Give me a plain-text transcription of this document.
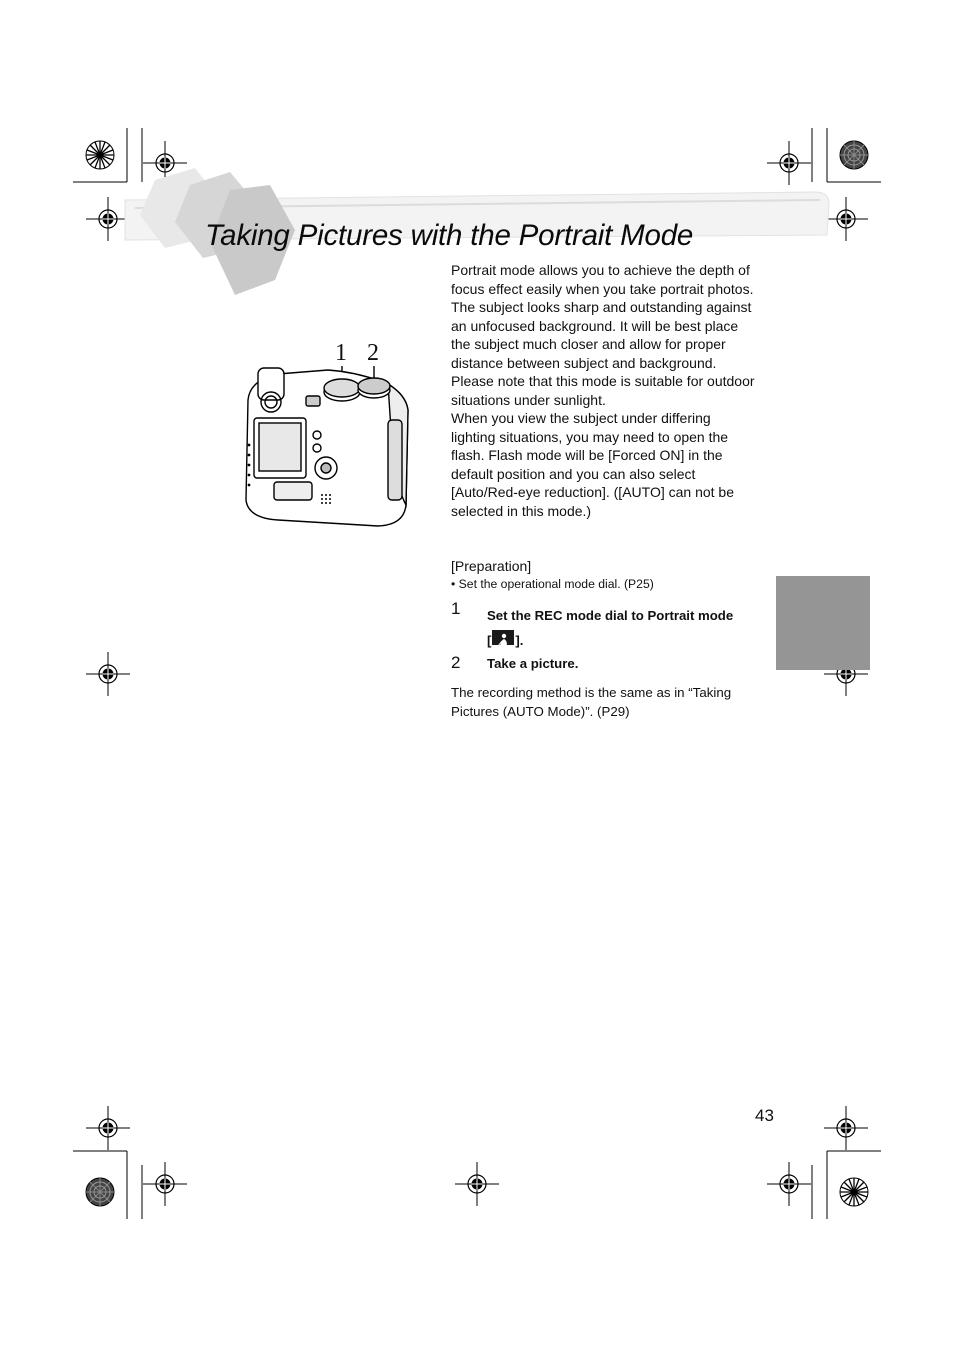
Taking Pictures with the Portrait Mode
1 2

Portrait mode allows you to achieve the depth of focus effect easily when you take portrait photos. The subject looks sharp and outstanding against an unfocused background. It will be best place the subject much closer and allow for proper distance between subject and background.

Please note that this mode is suitable for outdoor situations under sunlight.

When you view the subject under differing lighting situations, you may need to open the flash. Flash mode will be [Forced ON] in the default position and you can also select [Auto/Red-eye reduction]. ([AUTO] can not be selected in this mode.)

[Preparation]
• Set the operational mode dial. (P25)
1 Set the REC mode dial to Portrait mode
[ ].
2 Take a picture.
The recording method is the same as in “Taking Pictures (AUTO Mode)”. (P29)
43
